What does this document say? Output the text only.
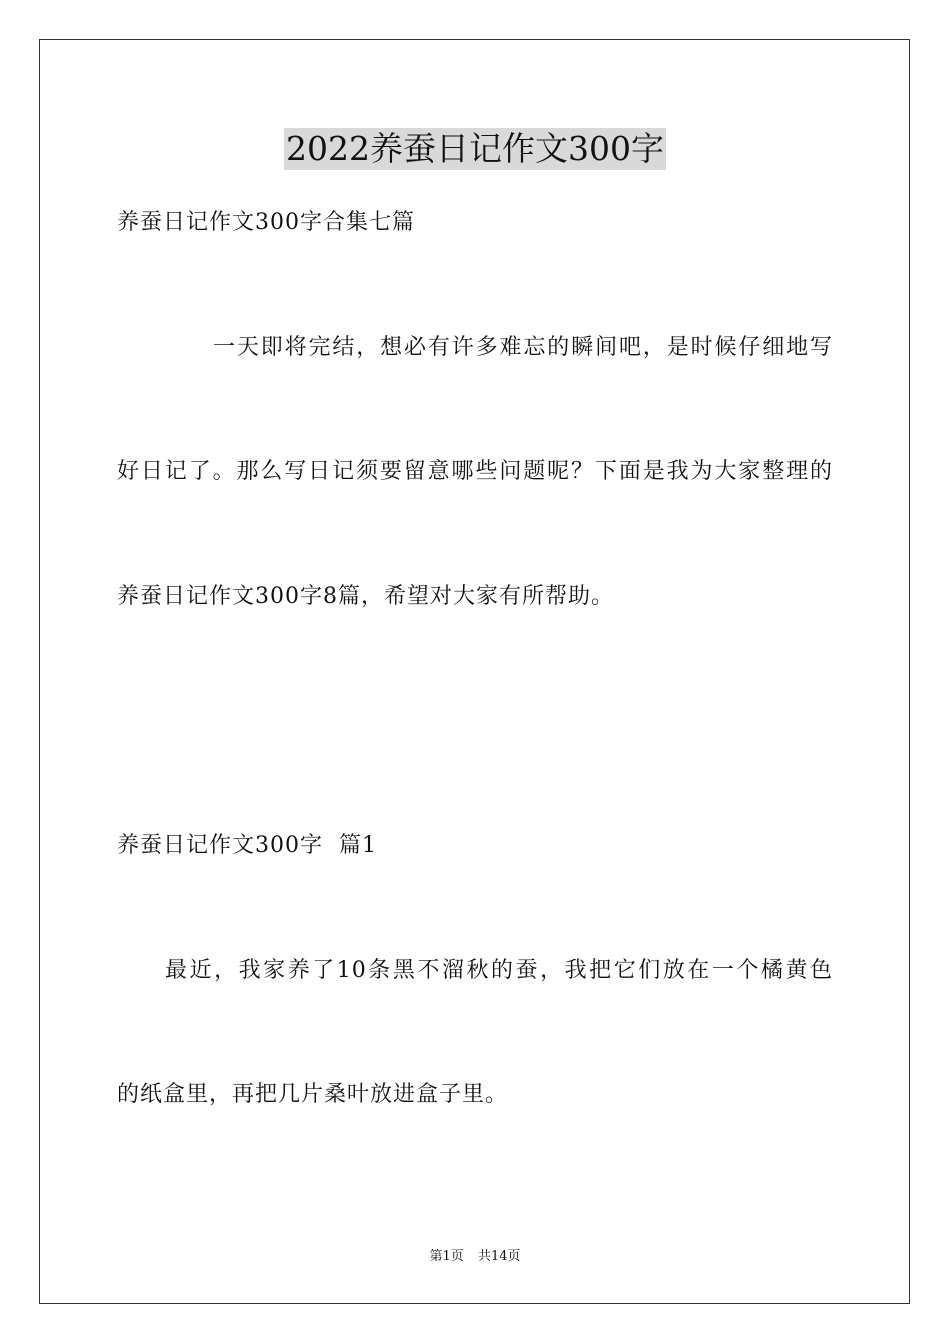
2022养蚕日记作文300字
养蚕日记作文300字合集七篇
一天即将完结，想必有许多难忘的瞬间吧，是时候仔细地写
好日记了。那么写日记须要留意哪些问题呢？下面是我为大家整理的
养蚕日记作文300字8篇，希望对大家有所帮助。
养蚕日记作文300字  篇1
最近，我家养了10条黑不溜秋的蚕，我把它们放在一个橘黄色
的纸盒里，再把几片桑叶放进盒子里。
第1页 共14页
